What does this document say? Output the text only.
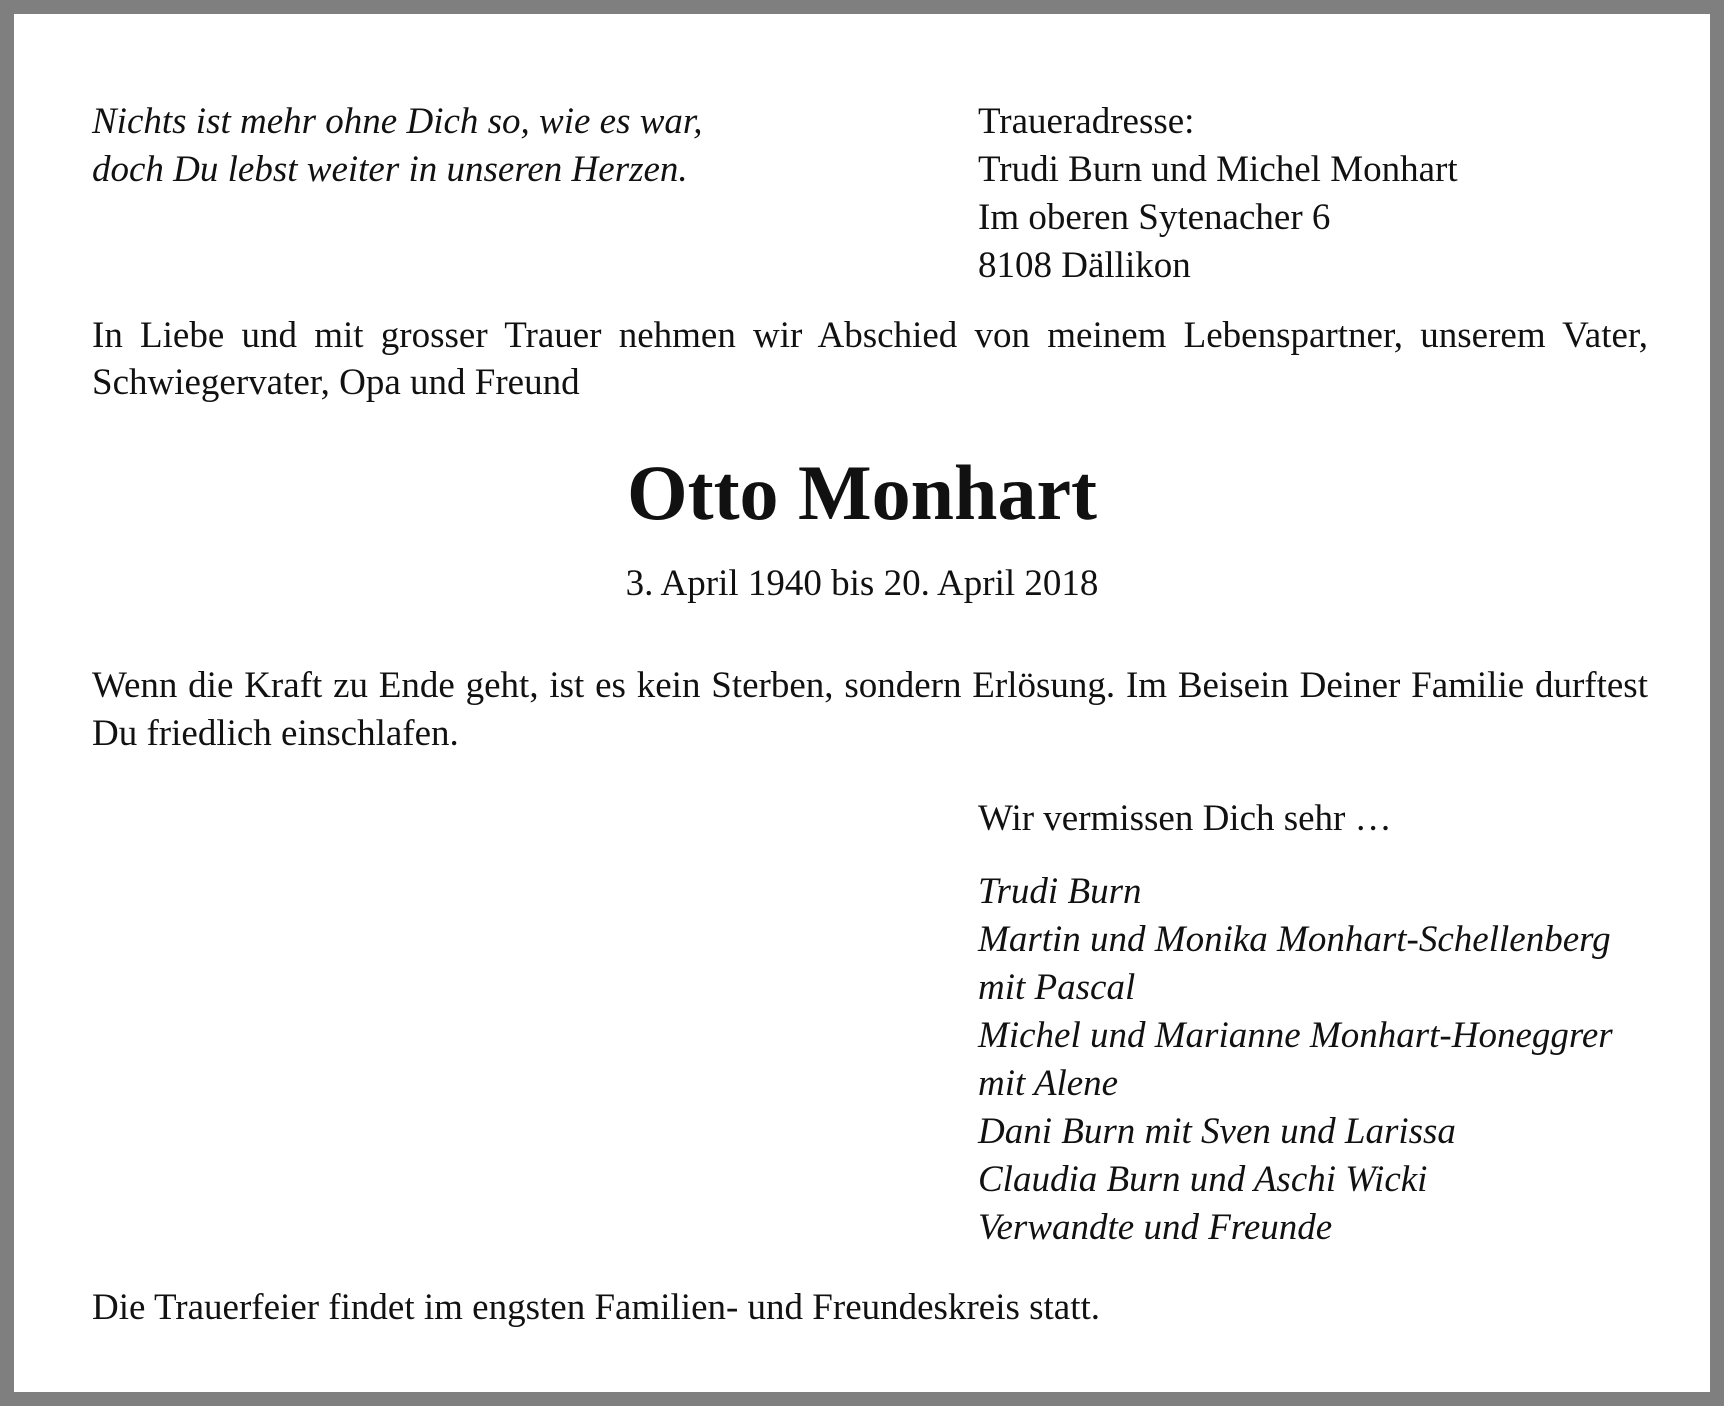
Nichts ist mehr ohne Dich so, wie es war,
doch Du lebst weiter in unseren Herzen.
Traueradresse:
Trudi Burn und Michel Monhart
Im oberen Sytenacher 6
8108 Dällikon

In Liebe und mit grosser Trauer nehmen wir Abschied von meinem Lebenspartner, unserem Vater, Schwiegervater, Opa und Freund

Otto Monhart
3. April 1940 bis 20. April 2018

Wenn die Kraft zu Ende geht, ist es kein Sterben, sondern Erlösung. Im Beisein Deiner Familie durftest Du friedlich einschlafen.

Wir vermissen Dich sehr …
Trudi Burn
Martin und Monika Monhart-Schellenberg
mit Pascal
Michel und Marianne Monhart-Honeggrer
mit Alene
Dani Burn mit Sven und Larissa
Claudia Burn und Aschi Wicki
Verwandte und Freunde
Die Trauerfeier findet im engsten Familien- und Freundeskreis statt.
